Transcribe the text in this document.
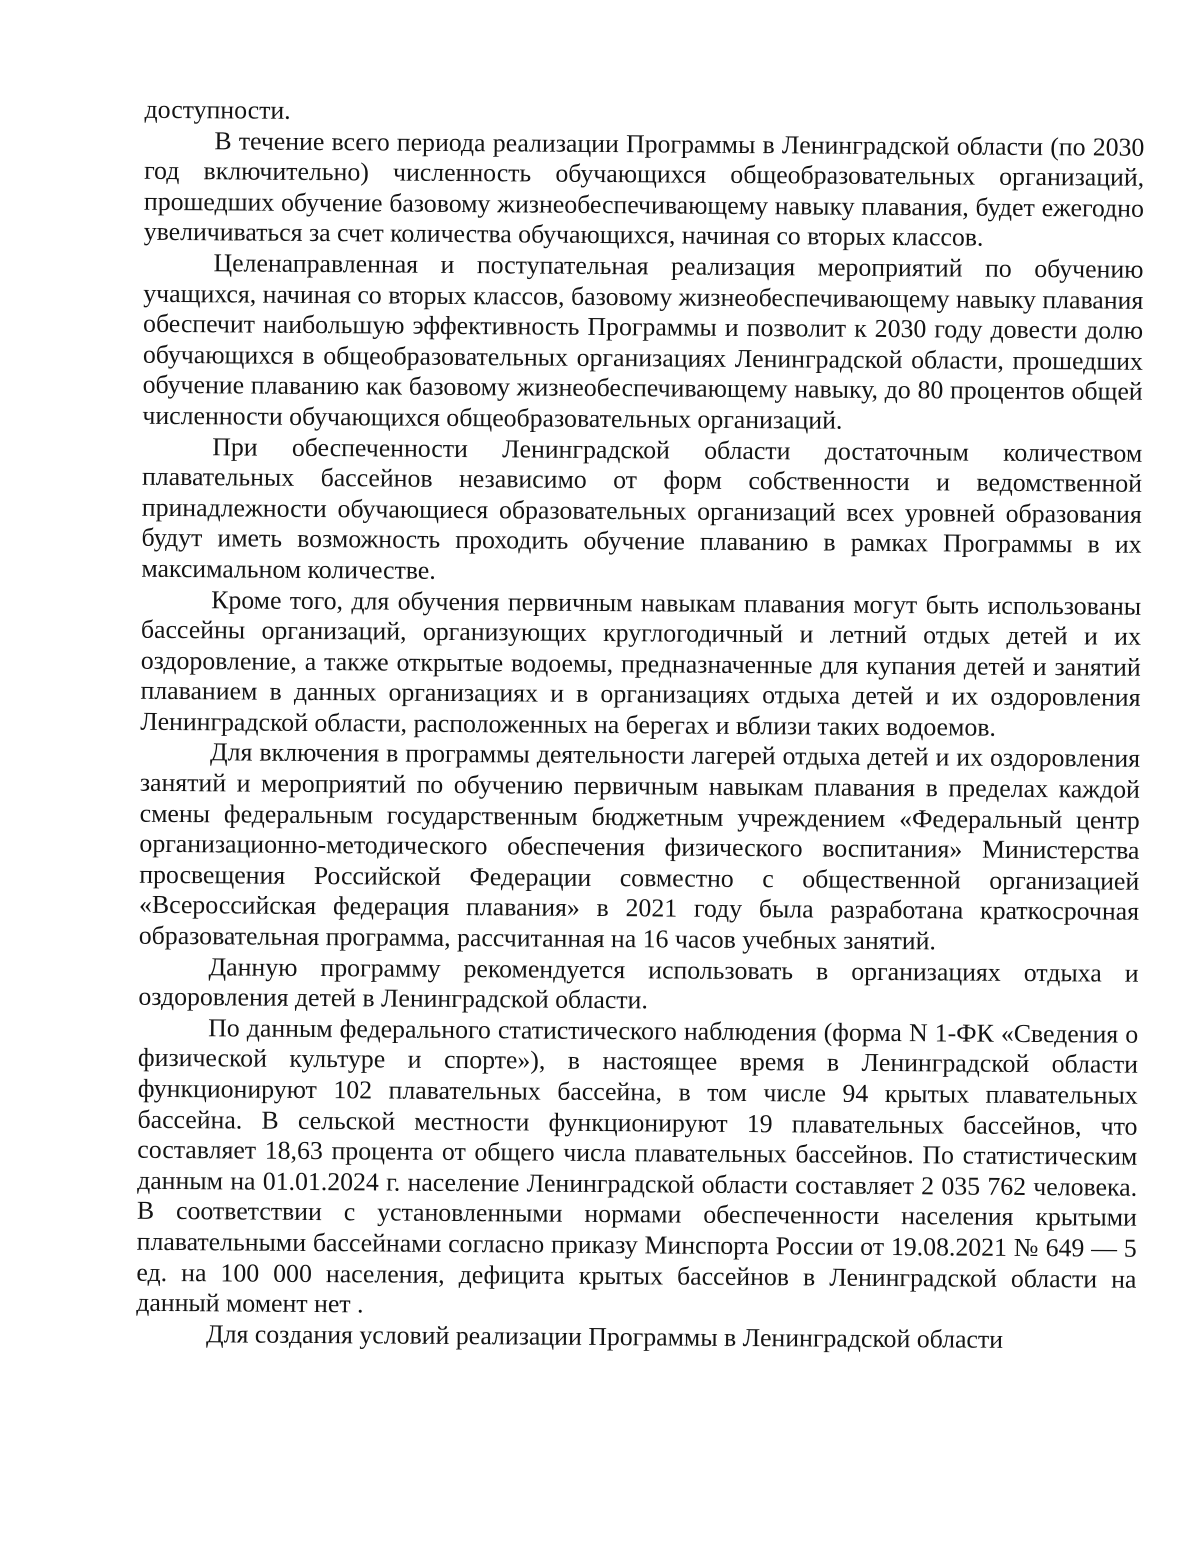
доступности.

В течение всего периода реализации Программы в Ленинградской области (по 2030 год включительно) численность обучающихся общеобразовательных организаций, прошедших обучение базовому жизнеобеспечивающему навыку плавания, будет ежегодно увеличиваться за счет количества обучающихся, начиная со вторых классов.

Целенаправленная и поступательная реализация мероприятий по обучению учащихся, начиная со вторых классов, базовому жизнеобеспечивающему навыку плавания обеспечит наибольшую эффективность Программы и позволит к 2030 году довести долю обучающихся в общеобразовательных организациях Ленинградской области, прошедших обучение плаванию как базовому жизнеобеспечивающему навыку, до 80 процентов общей численности обучающихся общеобразовательных организаций.

При обеспеченности Ленинградской области достаточным количеством плавательных бассейнов независимо от форм собственности и ведомственной принадлежности обучающиеся образовательных организаций всех уровней образования будут иметь возможность проходить обучение плаванию в рамках Программы в их максимальном количестве.

Кроме того, для обучения первичным навыкам плавания могут быть использованы бассейны организаций, организующих круглогодичный и летний отдых детей и их оздоровление, а также открытые водоемы, предназначенные для купания детей и занятий плаванием в данных организациях и в организациях отдыха детей и их оздоровления Ленинградской области, расположенных на берегах и вблизи таких водоемов.

Для включения в программы деятельности лагерей отдыха детей и их оздоровления занятий и мероприятий по обучению первичным навыкам плавания в пределах каждой смены федеральным государственным бюджетным учреждением «Федеральный центр организационно-методического обеспечения физического воспитания» Министерства просвещения Российской Федерации совместно с общественной организацией «Всероссийская федерация плавания» в 2021 году была разработана краткосрочная образовательная программа, рассчитанная на 16 часов учебных занятий.

Данную программу рекомендуется использовать в организациях отдыха и оздоровления детей в Ленинградской области.

По данным федерального статистического наблюдения (форма N 1-ФК «Сведения о физической культуре и спорте»), в настоящее время в Ленинградской области функционируют 102 плавательных бассейна, в том числе 94 крытых плавательных бассейна. В сельской местности функционируют 19 плавательных бассейнов, что составляет 18,63 процента от общего числа плавательных бассейнов. По статистическим данным на 01.01.2024 г. население Ленинградской области составляет 2 035 762 человека. В соответствии с установленными нормами обеспеченности населения крытыми плавательными бассейнами согласно приказу Минспорта России от 19.08.2021 № 649 — 5 ед. на 100 000 населения, дефицита крытых бассейнов в Ленинградской области на данный момент нет .

Для создания условий реализации Программы в Ленинградской области
